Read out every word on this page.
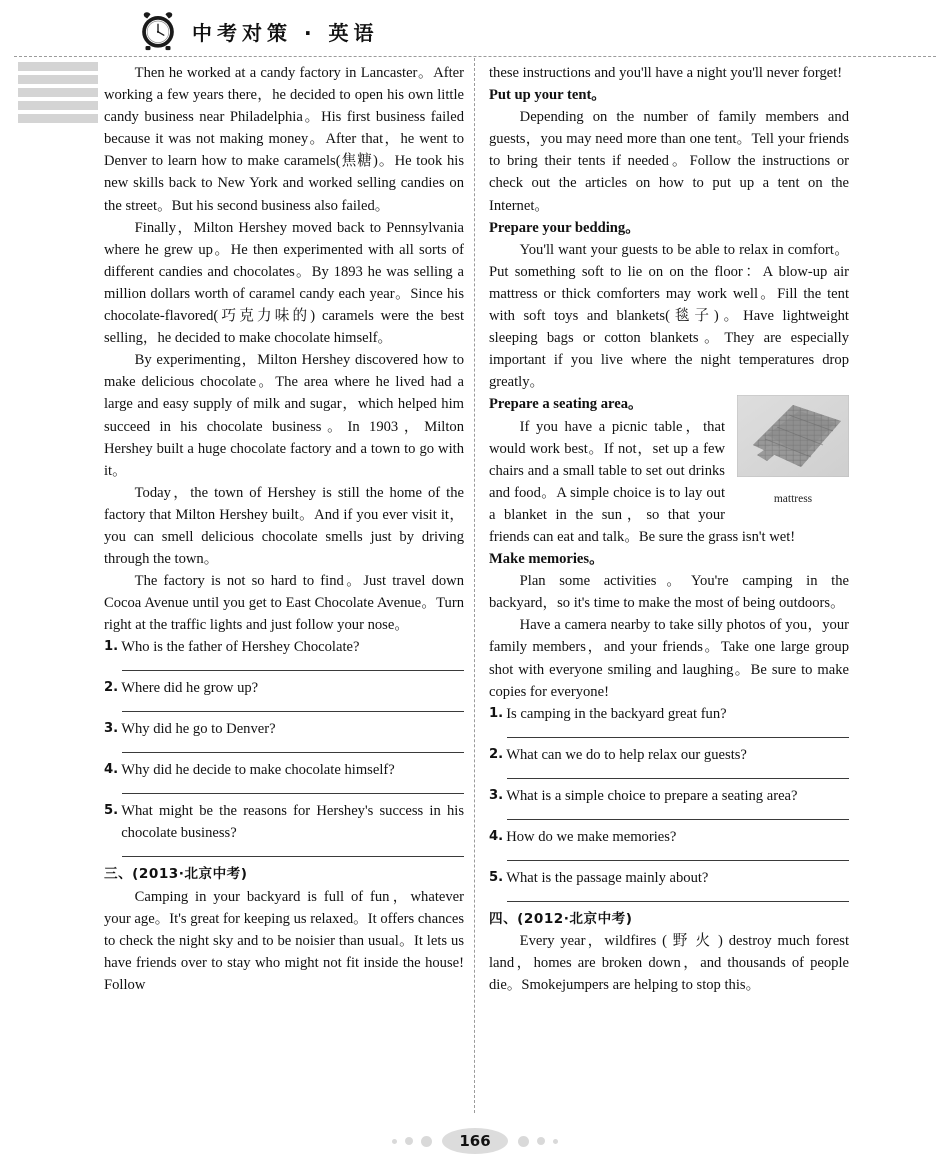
中考对策 · 英语

Then he worked at a candy factory in Lancaster。After working a few years there，he decided to open his own little candy business near Philadelphia。His first business failed because it was not making money。After that，he went to Denver to learn how to make caramels(焦糖)。He took his new skills back to New York and worked selling candies on the street。But his second business also failed。

Finally，Milton Hershey moved back to Pennsylvania where he grew up。He then experimented with all sorts of different candies and chocolates。By 1893 he was selling a million dollars worth of caramel candy each year。Since his chocolate-flavored(巧克力味的) caramels were the best selling，he decided to make chocolate himself。

By experimenting，Milton Hershey discovered how to make delicious chocolate。The area where he lived had a large and easy supply of milk and sugar，which helped him succeed in his chocolate business。In 1903，Milton Hershey built a huge chocolate factory and a town to go with it。

Today，the town of Hershey is still the home of the factory that Milton Hershey built。And if you ever visit it，you can smell delicious chocolate smells just by driving through the town。

The factory is not so hard to find。Just travel down Cocoa Avenue until you get to East Chocolate Avenue。Turn right at the traffic lights and just follow your nose。

1. Who is the father of Hershey Chocolate?
2. Where did he grow up?
3. Why did he go to Denver?
4. Why did he decide to make chocolate himself?
5. What might be the reasons for Hershey's success in his chocolate business?

三、(2013·北京中考)

Camping in your backyard is full of fun，whatever your age。It's great for keeping us relaxed。It offers chances to check the night sky and to be noisier than usual。It lets us have friends over to stay who might not fit inside the house! Follow

these instructions and you'll have a night you'll never forget!

Put up your tent。

Depending on the number of family members and guests，you may need more than one tent。Tell your friends to bring their tents if needed。Follow the instructions or check out the articles on how to put up a tent on the Internet。

Prepare your bedding。

You'll want your guests to be able to relax in comfort。Put something soft to lie on on the floor：A blow-up air mattress or thick comforters may work well。Fill the tent with soft toys and blankets(毯子)。Have lightweight sleeping bags or cotton blankets。They are especially important if you live where the night temperatures drop greatly。

mattress

Prepare a seating area。

If you have a picnic table，that would work best。If not，set up a few chairs and a small table to set out drinks and food。A simple choice is to lay out a blanket in the sun，so that your friends can eat and talk。Be sure the grass isn't wet!

Make memories。

Plan some activities。You're camping in the backyard，so it's time to make the most of being outdoors。

Have a camera nearby to take silly photos of you，your family members，and your friends。Take one large group shot with everyone smiling and laughing。Be sure to make copies for everyone!

1. Is camping in the backyard great fun?
2. What can we do to help relax our guests?
3. What is a simple choice to prepare a seating area?
4. How do we make memories?
5. What is the passage mainly about?

四、(2012·北京中考)

Every year，wildfires ( 野 火 ) destroy much forest land，homes are broken down，and thousands of people die。Smokejumpers are helping to stop this。

166
